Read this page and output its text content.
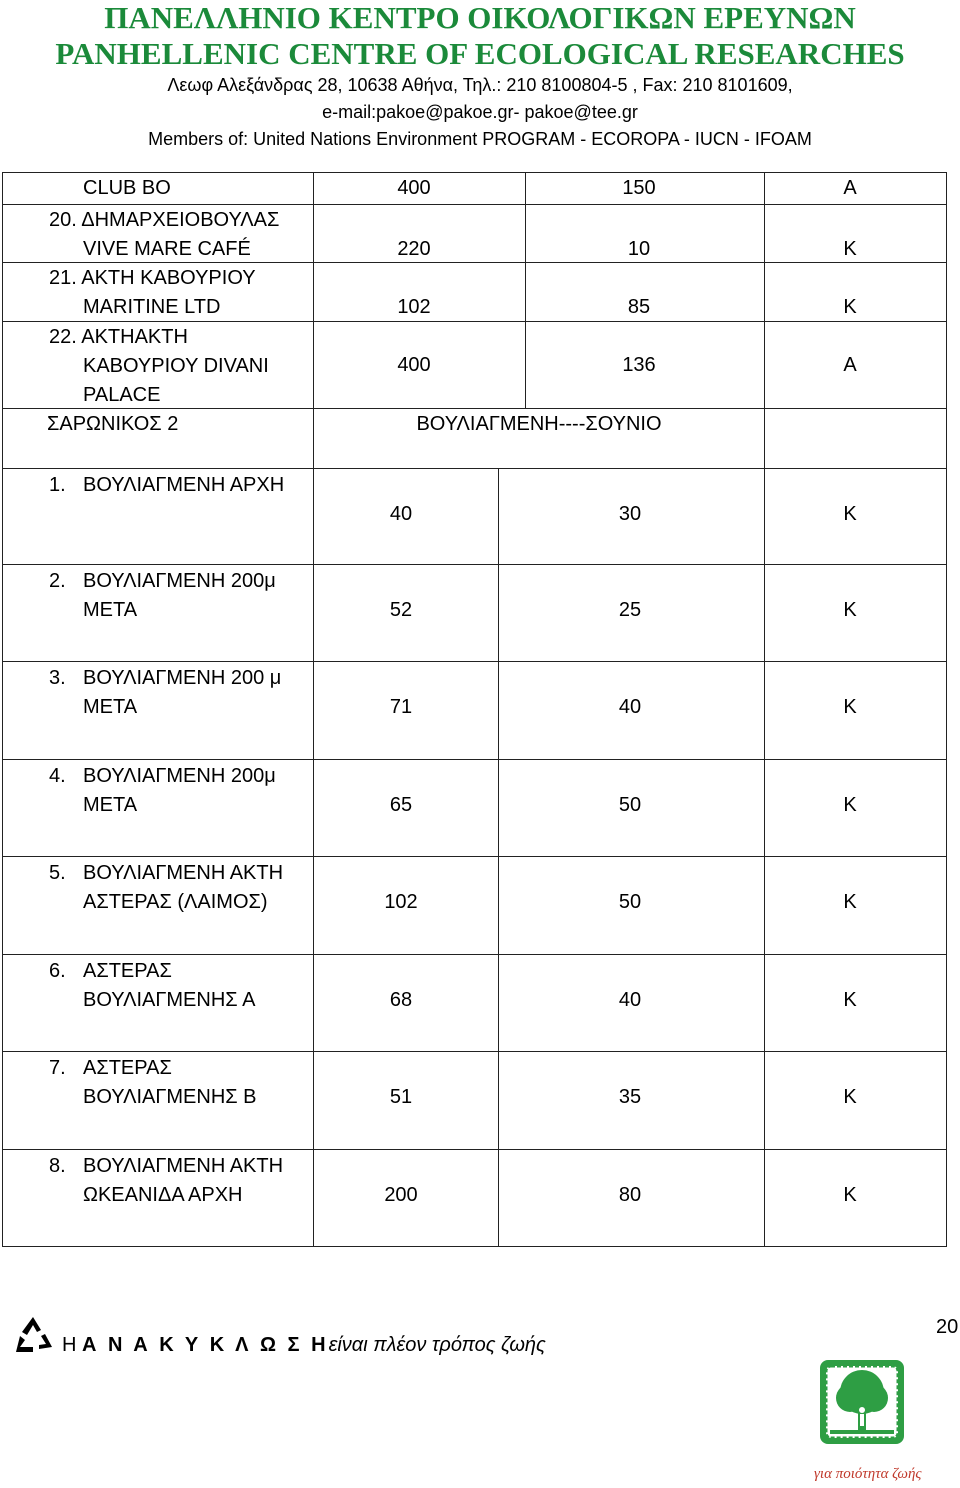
ΠΑΝΕΛΛΗΝΙΟ ΚΕΝΤΡΟ ΟΙΚΟΛΟΓΙΚΩΝ ΕΡΕΥΝΩΝ
PANHELLENIC CENTRE OF ECOLOGICAL RESEARCHES
Λεωφ Αλεξάνδρας 28, 10638 Αθήνα, Τηλ.: 210 8100804-5 , Fax: 210 8101609,
e-mail:pakoe@pakoe.gr- pakoe@tee.gr
Members of: United Nations Environment PROGRAM - ECOROPA - IUCN - IFOAM
CLUB BO	400	150	A
20. ΔΗΜΑΡΧΕΙΟΒΟΥΛΑΣ
VIVE MARE CAFÉ	220	10	K
21. ΑΚΤΗ ΚΑΒΟΥΡΙΟΥ
MARITINE LTD	102	85	K
22. ΑΚΤΗΑΚΤΗ
ΚΑΒΟΥΡΙΟΥ DIVANI
PALACE
400	136	A
ΣΑΡΩΝΙΚΟΣ 2	ΒΟΥΛΙΑΓΜΕΝΗ----ΣΟΥΝΙΟ
1. ΒΟΥΛΙΑΓΜΕΝΗ ΑΡΧΗ
40	30	K
2. ΒΟΥΛΙΑΓΜΕΝΗ 200μ
ΜΕΤΑ	52	25	K
3. ΒΟΥΛΙΑΓΜΕΝΗ 200 μ
ΜΕΤΑ	71	40	K
4. ΒΟΥΛΙΑΓΜΕΝΗ 200μ
ΜΕΤΑ	65	50	K
5. ΒΟΥΛΙΑΓΜΕΝΗ ΑΚΤΗ
ΑΣΤΕΡΑΣ (ΛΑΙΜΟΣ)	102	50	K
6. ΑΣΤΕΡΑΣ
ΒΟΥΛΙΑΓΜΕΝΗΣ Α	68	40	K
7. ΑΣΤΕΡΑΣ
ΒΟΥΛΙΑΓΜΕΝΗΣ Β	51	35	K
8. ΒΟΥΛΙΑΓΜΕΝΗ ΑΚΤΗ
ΩΚΕΑΝΙΔΑ ΑΡΧΗ	200	80	K
Η Α Ν Α Κ Υ Κ Λ Ω Σ Ηείναι πλέον τρόπος ζωής
20
για ποιότητα ζωής
